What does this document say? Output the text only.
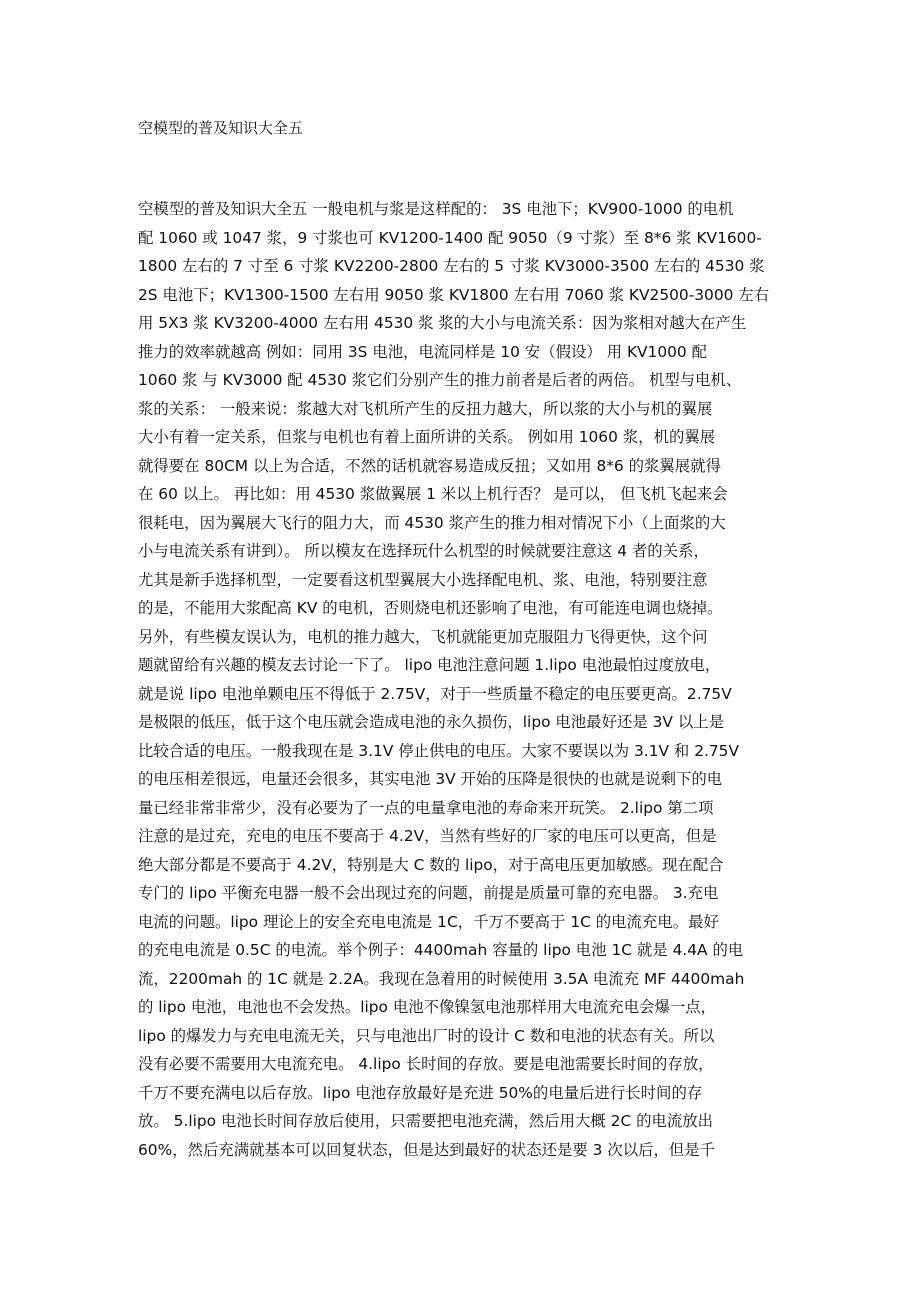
空模型的普及知识大全五
空模型的普及知识大全五 一般电机与浆是这样配的： 3S 电池下；KV900-1000 的电机
配 1060 或 1047 浆，9 寸浆也可 KV1200-1400 配 9050（9 寸浆）至 8*6 浆 KV1600-
1800 左右的 7 寸至 6 寸浆 KV2200-2800 左右的 5 寸浆 KV3000-3500 左右的 4530 浆
2S 电池下；KV1300-1500 左右用 9050 浆 KV1800 左右用 7060 浆 KV2500-3000 左右
用 5X3 浆 KV3200-4000 左右用 4530 浆 浆的大小与电流关系：因为浆相对越大在产生
推力的效率就越高 例如：同用 3S 电池，电流同样是 10 安（假设） 用 KV1000 配
1060 浆 与 KV3000 配 4530 浆它们分别产生的推力前者是后者的两倍。 机型与电机、
浆的关系： 一般来说：浆越大对飞机所产生的反扭力越大，所以浆的大小与机的翼展
大小有着一定关系，但浆与电机也有着上面所讲的关系。 例如用 1060 浆，机的翼展
就得要在 80CM 以上为合适，不然的话机就容易造成反扭；又如用 8*6 的浆翼展就得
在 60 以上。 再比如：用 4530 浆做翼展 1 米以上机行否？ 是可以， 但飞机飞起来会
很耗电，因为翼展大飞行的阻力大，而 4530 浆产生的推力相对情况下小（上面浆的大
小与电流关系有讲到）。 所以模友在选择玩什么机型的时候就要注意这 4 者的关系，
尤其是新手选择机型，一定要看这机型翼展大小选择配电机、浆、电池，特别要注意
的是，不能用大浆配高 KV 的电机，否则烧电机还影响了电池，有可能连电调也烧掉。
另外，有些模友误认为，电机的推力越大，飞机就能更加克服阻力飞得更快，这个问
题就留给有兴趣的模友去讨论一下了。 lipo 电池注意问题 1.lipo 电池最怕过度放电，
就是说 lipo 电池单颗电压不得低于 2.75V，对于一些质量不稳定的电压要更高。2.75V
是极限的低压，低于这个电压就会造成电池的永久损伤，lipo 电池最好还是 3V 以上是
比较合适的电压。一般我现在是 3.1V 停止供电的电压。大家不要误以为 3.1V 和 2.75V
的电压相差很远，电量还会很多，其实电池 3V 开始的压降是很快的也就是说剩下的电
量已经非常非常少，没有必要为了一点的电量拿电池的寿命来开玩笑。 2.lipo 第二项
注意的是过充，充电的电压不要高于 4.2V，当然有些好的厂家的电压可以更高，但是
绝大部分都是不要高于 4.2V，特别是大 C 数的 lipo，对于高电压更加敏感。现在配合
专门的 lipo 平衡充电器一般不会出现过充的问题，前提是质量可靠的充电器。 3.充电
电流的问题。lipo 理论上的安全充电电流是 1C，千万不要高于 1C 的电流充电。最好
的充电电流是 0.5C 的电流。举个例子：4400mah 容量的 lipo 电池 1C 就是 4.4A 的电
流，2200mah 的 1C 就是 2.2A。我现在急着用的时候使用 3.5A 电流充 MF 4400mah
的 lipo 电池，电池也不会发热。lipo 电池不像镍氢电池那样用大电流充电会爆一点，
lipo 的爆发力与充电电流无关，只与电池出厂时的设计 C 数和电池的状态有关。所以
没有必要不需要用大电流充电。 4.lipo 长时间的存放。要是电池需要长时间的存放，
千万不要充满电以后存放。lipo 电池存放最好是充进 50%的电量后进行长时间的存
放。 5.lipo 电池长时间存放后使用，只需要把电池充满，然后用大概 2C 的电流放出
60%，然后充满就基本可以回复状态，但是达到最好的状态还是要 3 次以后，但是千
